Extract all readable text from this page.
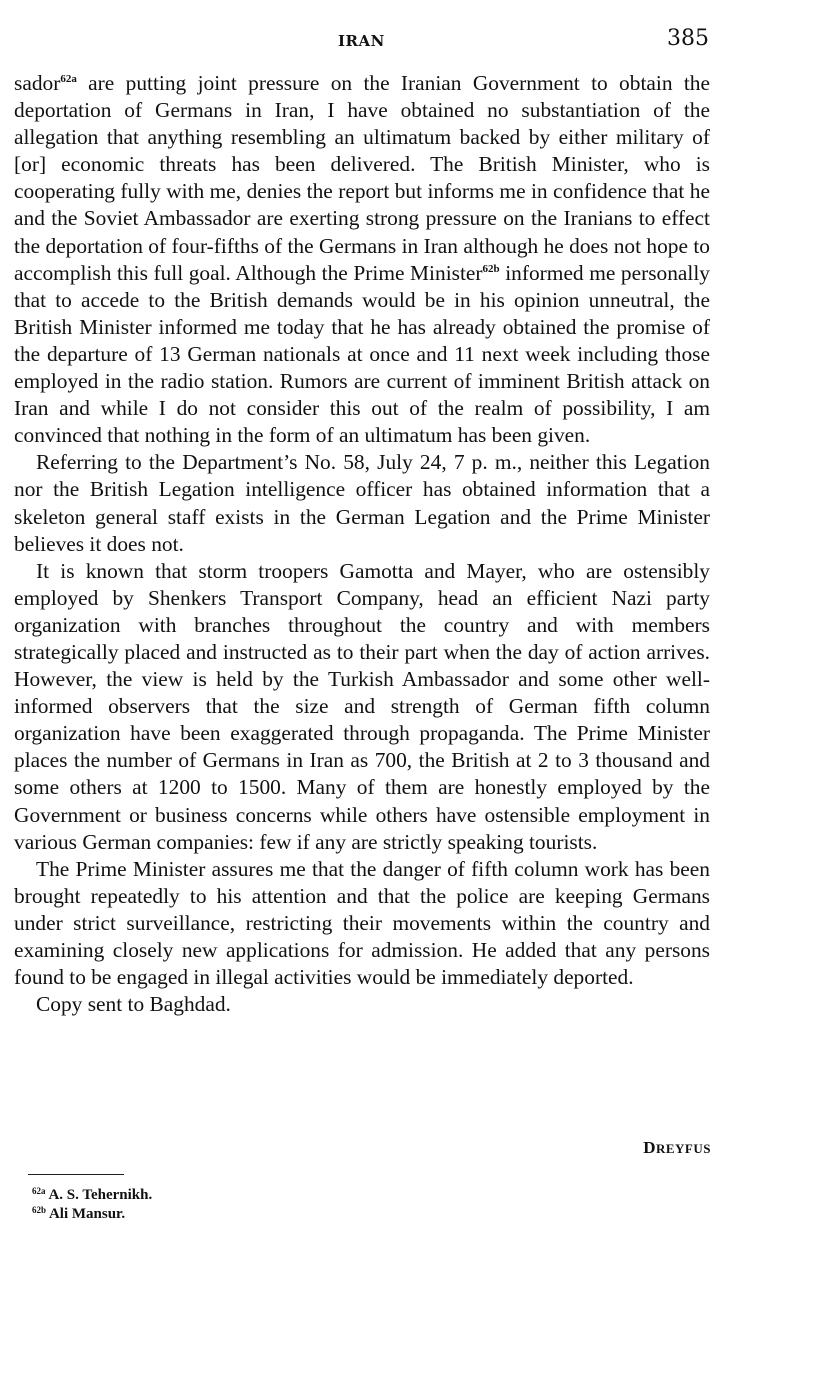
IRAN	385

sador$^{62a}$ are putting joint pressure on the Iranian Government to obtain the deportation of Germans in Iran, I have obtained no substantiation of the allegation that anything resembling an ultimatum backed by either military of [or] economic threats has been delivered. The British Minister, who is cooperating fully with me, denies the report but informs me in confidence that he and the Soviet Ambassador are exerting strong pressure on the Iranians to effect the deportation of four-fifths of the Germans in Iran although he does not hope to accomplish this full goal. Although the Prime Minister$^{62b}$ informed me personally that to accede to the British demands would be in his opinion unneutral, the British Minister informed me today that he has already obtained the promise of the departure of 13 German nationals at once and 11 next week including those employed in the radio station. Rumors are current of imminent British attack on Iran and while I do not consider this out of the realm of possibility, I am convinced that nothing in the form of an ultimatum has been given.

Referring to the Department’s No. 58, July 24, 7 p. m., neither this Legation nor the British Legation intelligence officer has obtained information that a skeleton general staff exists in the German Legation and the Prime Minister believes it does not.

It is known that storm troopers Gamotta and Mayer, who are ostensibly employed by Shenkers Transport Company, head an efficient Nazi party organization with branches throughout the country and with members strategically placed and instructed as to their part when the day of action arrives. However, the view is held by the Turkish Ambassador and some other well-informed observers that the size and strength of German fifth column organization have been exaggerated through propaganda. The Prime Minister places the number of Germans in Iran as 700, the British at 2 to 3 thousand and some others at 1200 to 1500. Many of them are honestly employed by the Government or business concerns while others have ostensible employment in various German companies: few if any are strictly speaking tourists.

The Prime Minister assures me that the danger of fifth column work has been brought repeatedly to his attention and that the police are keeping Germans under strict surveillance, restricting their movements within the country and examining closely new applications for admission. He added that any persons found to be engaged in illegal activities would be immediately deported.

Copy sent to Baghdad.

DREYFUS
$^{62a}$ A. S. Tehernikh.
$^{62b}$ Ali Mansur.
